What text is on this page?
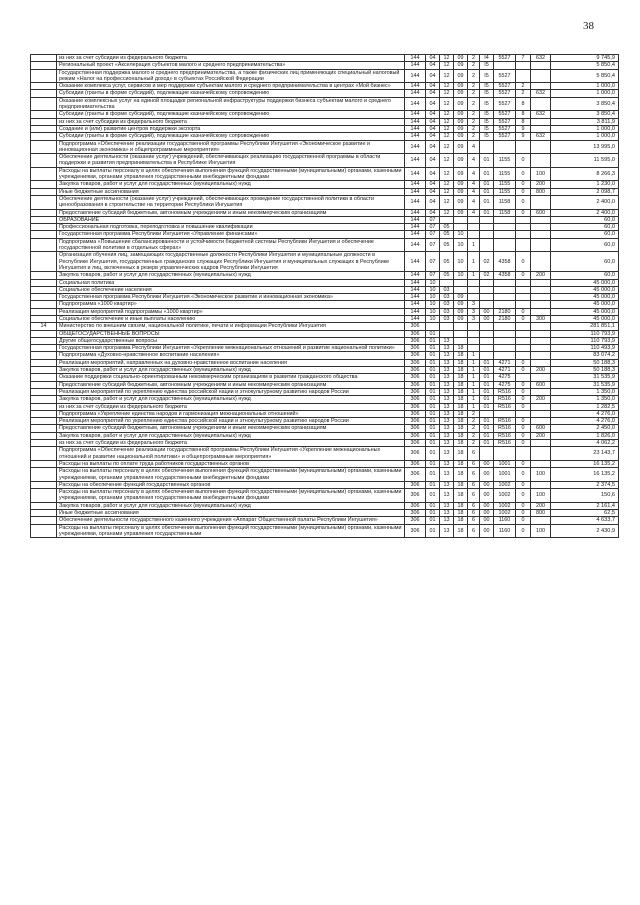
38
	из них за счет субсидии из федерального бюджета	144	04	12	09	2	I4	5527	7	632	9 745,9
	Региональный проект «Акселерация субъектов малого и среднего предпринимательства»	144	04	12	09	2	I5				5 850,4
	Государственная поддержка малого и среднего предпринимательства, а также физических лиц применяющих специальный налоговый режим «Налог на профессиональный доход» в субъектах Российской Федерации	144	04	12	09	2	I5	5527			5 850,4
	Оказание комплекса услуг, сервисов и мер поддержки субъектам малого и среднего предпринимательства в центрах «Мой бизнес»	144	04	12	09	2	I5	5527	2		1 000,0
	Субсидии (гранты в форме субсидий), подлежащие казначейскому сопровождению	144	04	12	09	2	I5	5527	2	632	1 000,0
	Оказание комплексных услуг на единой площадке региональной инфраструктуры поддержки бизнеса субъектам малого и среднего предпринимательства	144	04	12	09	2	I5	5527	8		3 850,4
	Субсидии (гранты в форме субсидий), подлежащие казначейскому сопровождению	144	04	12	09	2	I5	5527	8	632	3 850,4
	из них за счет субсидии из федерального бюджета	144	04	12	09	2	I5	5527	8		3 811,9
	Создание и (или) развитие центров поддержки экспорта	144	04	12	09	2	I5	5527	9		1 000,0
	Субсидии (гранты в форме субсидий), подлежащие казначейскому сопровождению	144	04	12	09	2	I5	5527	9	632	1 000,0
	Подпрограмма «Обеспечение реализации государственной программы Республики Ингушетия «Экономическое развитие и инновационная экономика» и общепрограммные мероприятия»	144	04	12	09	4					13 995,0
	Обеспечение деятельности (оказание услуг) учреждений, обеспечивающих реализацию государственной программы в области поддержки и развития предпринимательства в Республике Ингушетия	144	04	12	09	4	01	1155	0		11 595,0
	Расходы на выплаты персоналу в целях обеспечения выполнения функций государственными (муниципальными) органами, казенными учреждениями, органами управления государственными внебюджетными фондами	144	04	12	09	4	01	1155	0	100	8 266,3
	Закупка товаров, работ и услуг для государственных (муниципальных) нужд	144	04	12	09	4	01	1155	0	200	1 230,0
	Иные бюджетные ассигнования	144	04	12	09	4	01	1155	0	800	2 098,7
	Обеспечение деятельности (оказание услуг) учреждений, обеспечивающих проведение государственной политики в области ценообразования в строительстве на территории Республики Ингушетия	144	04	12	09	4	01	1158	0		2 400,0
	Предоставление субсидий бюджетным, автономным учреждениям и иным некоммерческим организациям	144	04	12	09	4	01	1158	0	600	2 400,0
	ОБРАЗОВАНИЕ	144	07								60,0
	Профессиональная подготовка, переподготовка и повышение квалификации	144	07	05							60,0
	Государственная программа Республики Ингушетия «Управление финансами»	144	07	05	10						60,0
	Подпрограмма «Повышение сбалансированности и устойчивости бюджетной системы Республики Ингушетия и обеспечение государственной политики в отдельных сферах»	144	07	05	10	1					60,0
	Организация обучения лиц, замещающих государственные должности Республики Ингушетия и муниципальные должности в Республике Ингушетия, государственных гражданских служащих Республики Ингушетия и муниципальных служащих в Республике Ингушетия и лиц, включенных в резерв управленческих кадров Республики Ингушетия	144	07	05	10	1	02	4358	0		60,0
	Закупка товаров, работ и услуг для государственных (муниципальных) нужд	144	07	05	10	1	02	4358	0	200	60,0
	Социальная политика	144	10								45 000,0
	Социальное обеспечение населения	144	10	03							45 000,0
	Государственная программа Республики Ингушетия «Экономическое развитие и инновационная экономика»	144	10	03	09						45 000,0
	Подпрограмма «1000 квартир»	144	10	03	09	3					45 000,0
	Реализация мероприятий подпрограммы «1000 квартир»	144	10	03	09	3	00	2180	0		45 000,0
	Социальное обеспечение и иные выплаты населению	144	10	03	09	3	00	2180	0	300	45 000,0
14	Министерство по внешним связям, национальной политике, печати и информации Республики Ингушетия	306									281 851,1
	ОБЩЕГОСУДАРСТВЕННЫЕ ВОПРОСЫ	306	01								110 793,9
	Другие общегосударственные вопросы	306	01	13							110 793,9
	Государственная программа Республики Ингушетия «Укрепление межнациональных отношений и развитие национальной политики»	306	01	13	18						110 493,9
	Подпрограмма «Духовно-нравственное воспитание населения»	306	01	13	18	1					83 074,2
	Реализация мероприятий, направленных на духовно-нравственное воспитание населения	306	01	13	18	1	01	4271	0		50 188,3
	Закупка товаров, работ и услуг для государственных (муниципальных) нужд	306	01	13	18	1	01	4271	0	200	50 188,3
	Оказание поддержки социально-ориентированным некоммерческим организациям в развитии гражданского общества	306	01	13	18	1	01	4275			31 535,9
	Предоставление субсидий бюджетным, автономным учреждениям и иным некоммерческим организациям	306	01	13	18	1	01	4275	0	600	31 535,9
	Реализация мероприятий по укреплению единства российской нации и этнокультурному развитию народов России	306	01	13	18	1	01	R516	0		1 350,0
	Закупка товаров, работ и услуг для государственных (муниципальных) нужд	306	01	13	18	1	01	R516	0	200	1 350,0
	из них за счет субсидии из федерального бюджета	306	01	13	18	1	01	R516	0		1 282,5
	Подпрограмма «Укрепление единства народов и гармонизация межнациональных отношений»	306	01	13	18	2					4 276,0
	Реализация мероприятий по укреплению единства российской нации и этнокультурному развитию народов России	306	01	13	18	2	01	R516	0		4 276,0
	Предоставление субсидий бюджетным, автономным учреждениям и иным некоммерческим организациям	306	01	13	18	2	01	R516	0	600	2 450,0
	Закупка товаров, работ и услуг для государственных (муниципальных) нужд	306	01	13	18	2	01	R516	0	200	1 826,0
	из них за счет субсидии из федерального бюджета	306	01	13	18	2	01	R516	0		4 062,2
	Подпрограмма «Обеспечение реализации государственной программы Республики Ингушетия «Укрепление межнациональных отношений и развитие национальной политики» и общепрограммные мероприятия»	306	01	13	18	6					23 143,7
	Расходы на выплаты по оплате труда работников государственных органов	306	01	13	18	6	00	1001	0		16 135,2
	Расходы на выплаты персоналу в целях обеспечения выполнения функций государственными (муниципальными) органами, казенными учреждениями, органами управления государственными внебюджетными фондами	306	01	13	18	6	00	1001	0	100	16 135,2
	Расходы на обеспечение функций государственных органов	306	01	13	18	6	00	1002	0		2 374,5
	Расходы на выплаты персоналу в целях обеспечения выполнения функций государственными (муниципальными) органами, казенными учреждениями, органами управления государственными внебюджетными фондами	306	01	13	18	6	00	1002	0	100	150,6
	Закупка товаров, работ и услуг для государственных (муниципальных) нужд	306	01	13	18	6	00	1002	0	200	2 161,4
	Иные бюджетные ассигнования	306	01	13	18	6	00	1002	0	800	62,5
	Обеспечение деятельности государственного казенного учреждения «Аппарат Общественной палаты Республики Ингушетия»	306	01	13	18	6	00	1160	0		4 633,7
	Расходы на выплаты персоналу в целях обеспечения выполнения функций государственными (муниципальными) органами, казенными учреждениями, органами управления государственными	306	01	13	18	6	00	1160	0	100	2 430,9
